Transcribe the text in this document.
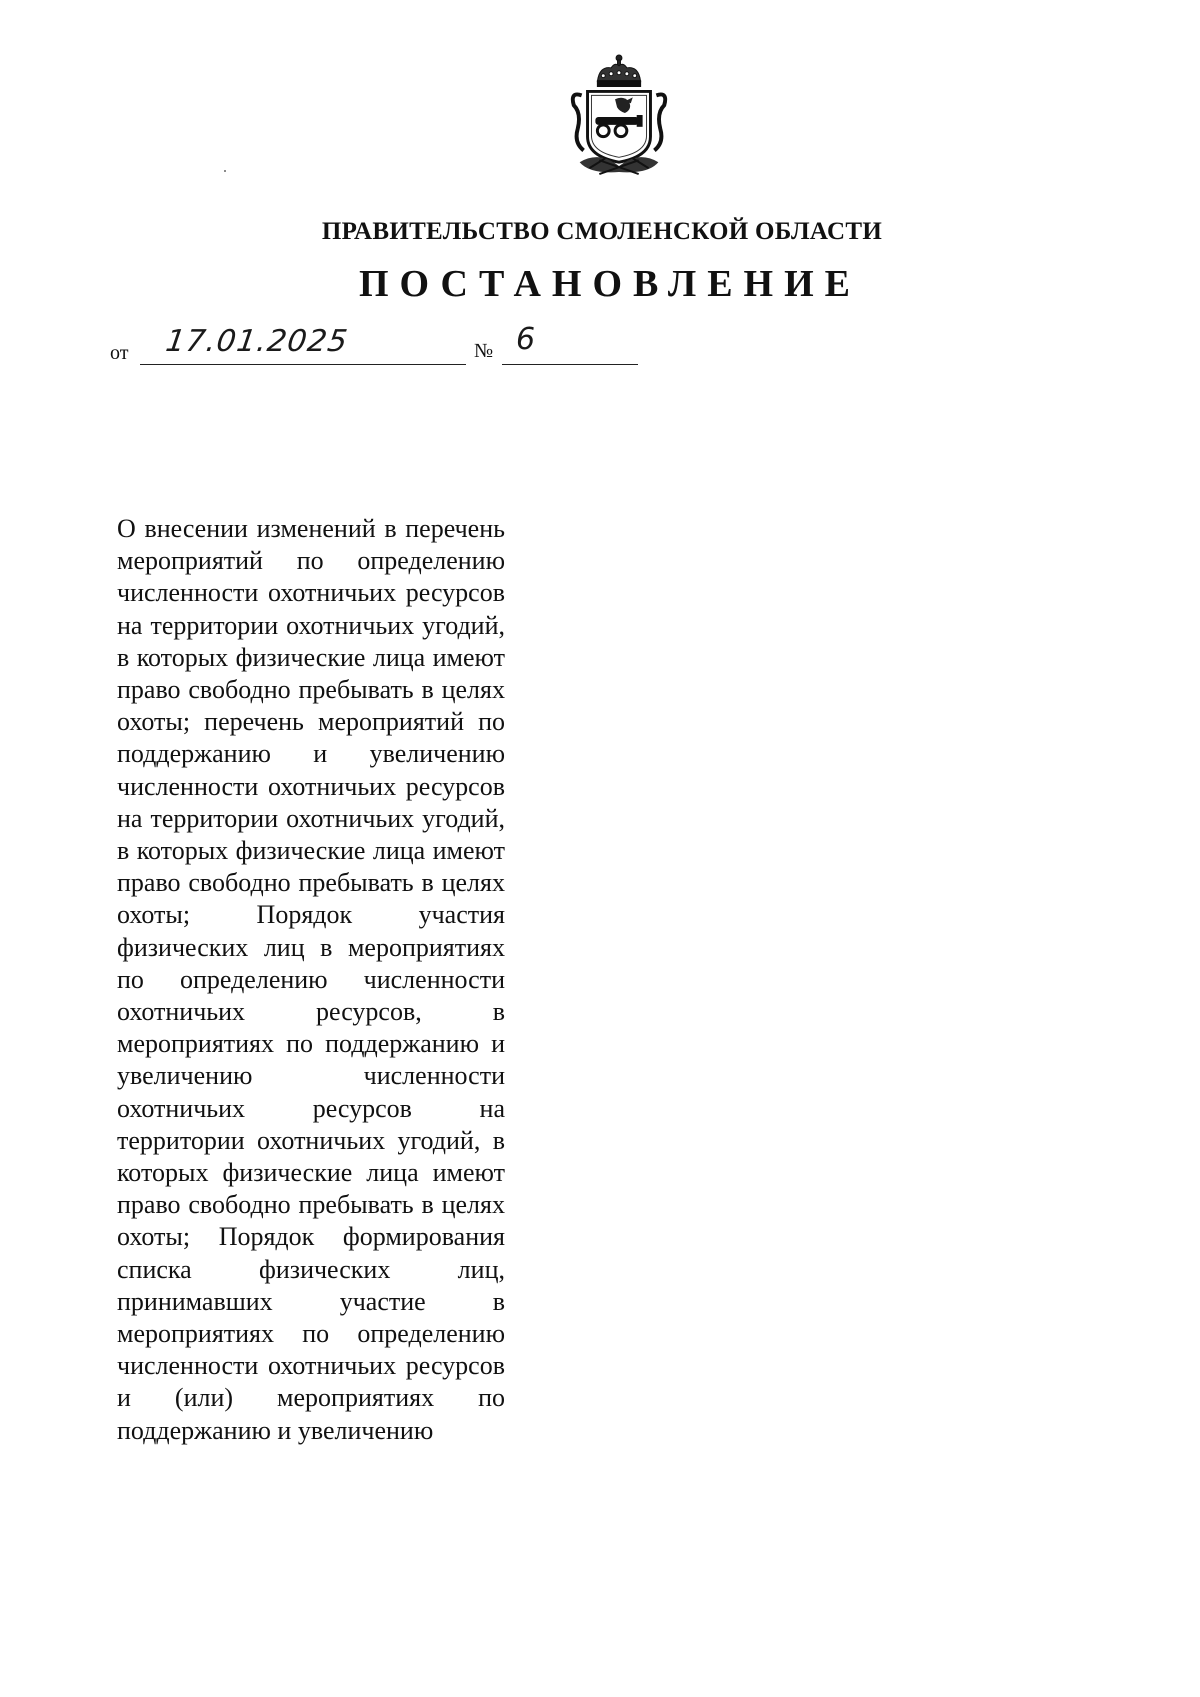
ПРАВИТЕЛЬСТВО СМОЛЕНСКОЙ ОБЛАСТИ
ПОСТАНОВЛЕНИЕ
от 17.01.2025	№ 6

О внесении изменений в перечень мероприятий по определению численности охотничьих ресурсов на территории охотничьих угодий, в которых физические лица имеют право свободно пребывать в целях охоты; перечень мероприятий по поддержанию и увеличению численности охотничьих ресурсов на территории охотничьих угодий, в которых физические лица имеют право свободно пребывать в целях охоты; Порядок участия физических лиц в мероприятиях по определению численности охотничьих ресурсов, в мероприятиях по поддержанию и увеличению численности охотничьих ресурсов на территории охотничьих угодий, в которых физические лица имеют право свободно пребывать в целях охоты; Порядок формирования списка физических лиц, принимавших участие в мероприятиях по определению численности охотничьих ресурсов и (или) мероприятиях по поддержанию и увеличению
